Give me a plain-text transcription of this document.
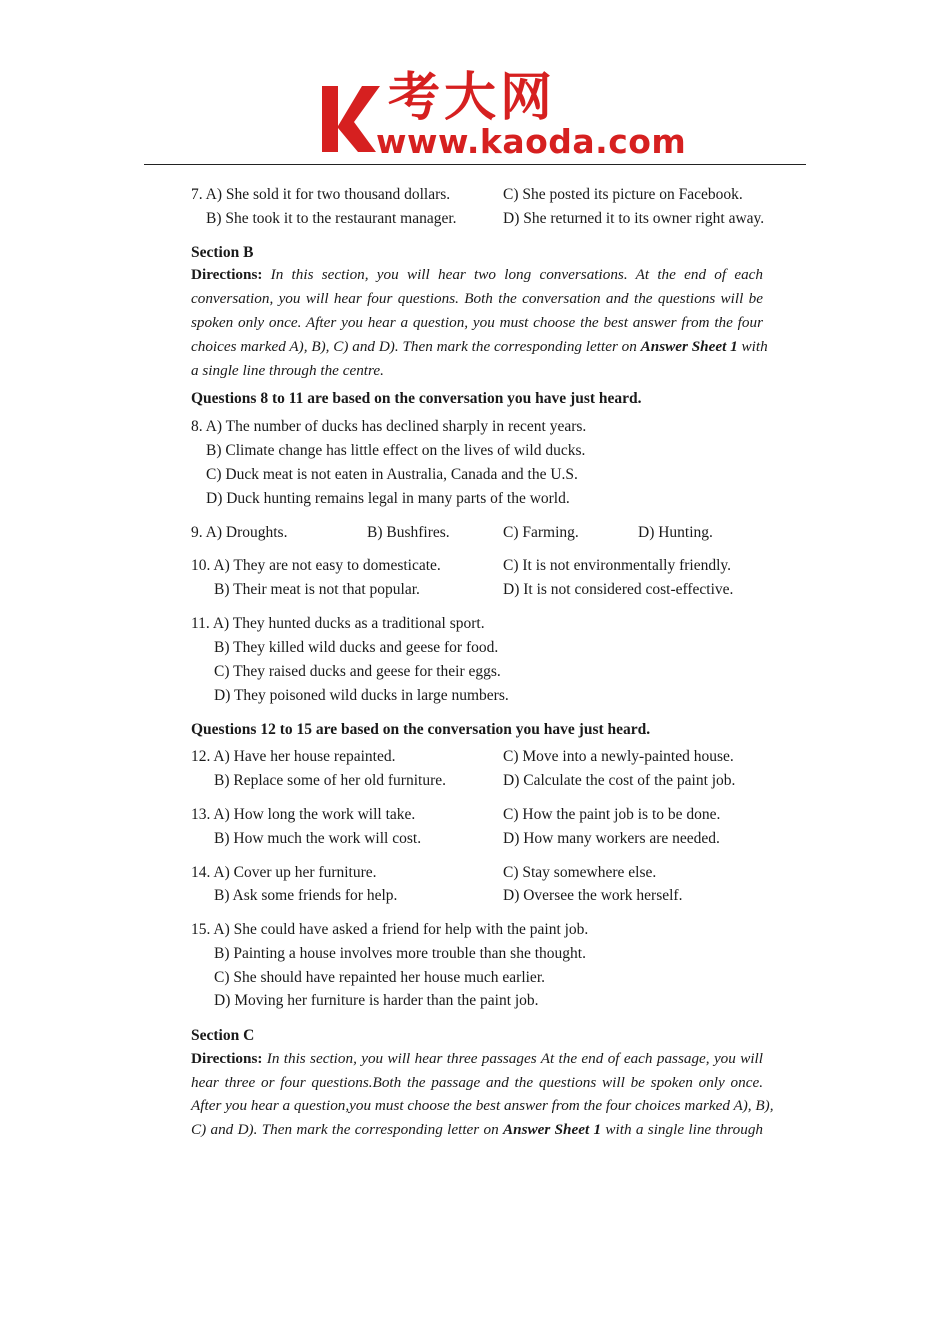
考大网
www.kaoda.com
7. A) She sold it for two thousand dollars.	C) She posted its picture on Facebook.
B) She took it to the restaurant manager.	D) She returned it to its owner right away.
Section B
Directions: In this section, you will hear two long conversations. At the end of each
conversation, you will hear four questions. Both the conversation and the questions will be
spoken only once. After you hear a question, you must choose the best answer from the four
choices marked A), B), C) and D). Then mark the corresponding letter on Answer Sheet 1 with
a single line through the centre.
Questions 8 to 11 are based on the conversation you have just heard.
8. A) The number of ducks has declined sharply in recent years.
B) Climate change has little effect on the lives of wild ducks.
C) Duck meat is not eaten in Australia, Canada and the U.S.
D) Duck hunting remains legal in many parts of the world.
9. A) Droughts.	B) Bushfires.	C) Farming.	D) Hunting.
10. A) They are not easy to domesticate.	C) It is not environmentally friendly.
B) Their meat is not that popular.	D) It is not considered cost-effective.
11. A) They hunted ducks as a traditional sport.
B) They killed wild ducks and geese for food.
C) They raised ducks and geese for their eggs.
D) They poisoned wild ducks in large numbers.
Questions 12 to 15 are based on the conversation you have just heard.
12. A) Have her house repainted.	C) Move into a newly-painted house.
B) Replace some of her old furniture.	D) Calculate the cost of the paint job.
13. A) How long the work will take.	C) How the paint job is to be done.
B) How much the work will cost.	D) How many workers are needed.
14. A) Cover up her furniture.	C) Stay somewhere else.
B) Ask some friends for help.	D) Oversee the work herself.
15. A) She could have asked a friend for help with the paint job.
B) Painting a house involves more trouble than she thought.
C) She should have repainted her house much earlier.
D) Moving her furniture is harder than the paint job.
Section C
Directions: In this section, you will hear three passages At the end of each passage, you will
hear three or four questions.Both the passage and the questions will be spoken only once.
After you hear a question,you must choose the best answer from the four choices marked A), B),
C) and D). Then mark the corresponding letter on Answer Sheet 1 with a single line through
